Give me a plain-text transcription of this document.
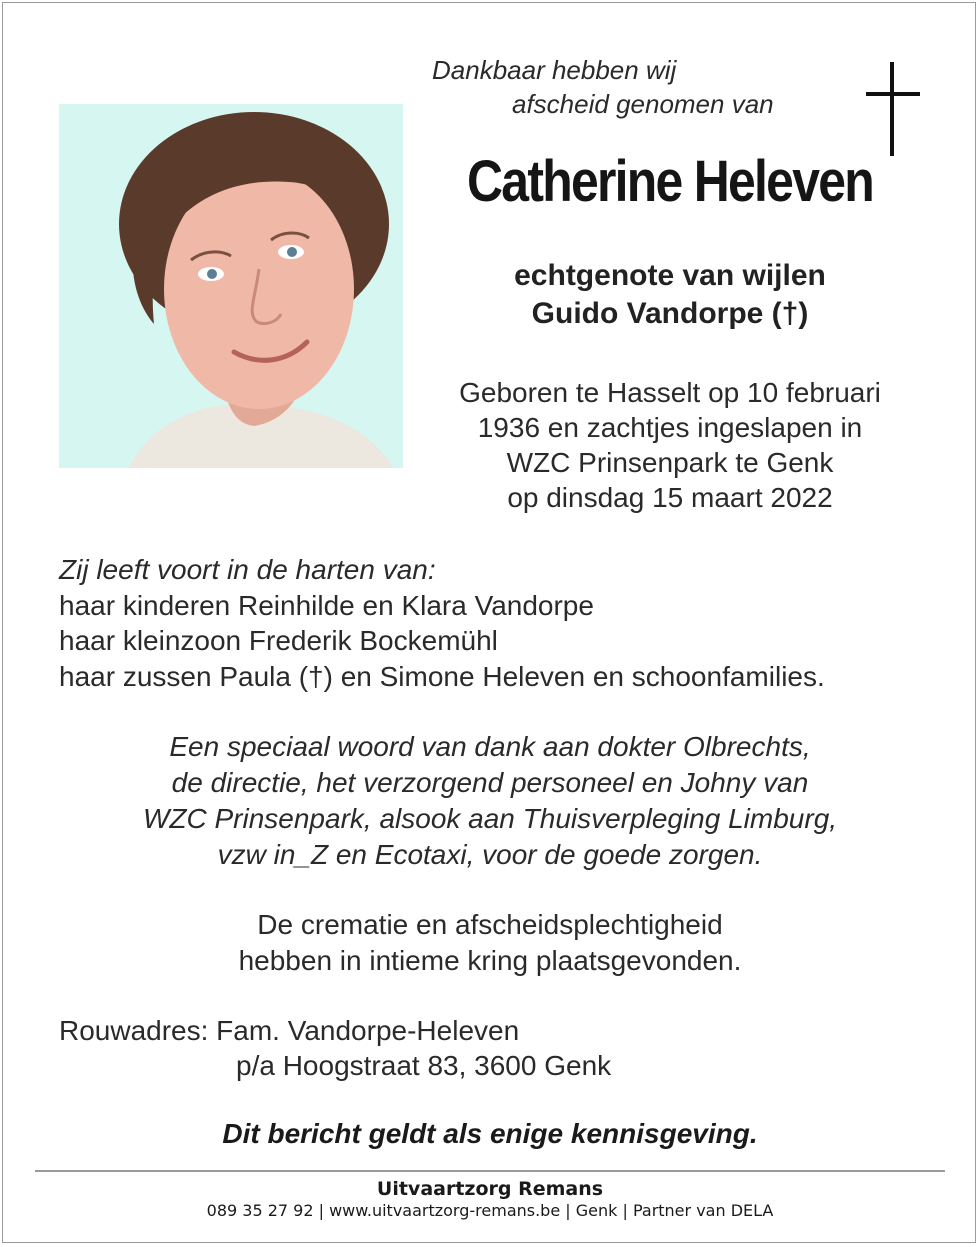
Dankbaar hebben wij
afscheid genomen van
Catherine Heleven
echtgenote van wijlen
Guido Vandorpe (†)
Geboren te Hasselt op 10 februari
1936 en zachtjes ingeslapen in
WZC Prinsenpark te Genk
op dinsdag 15 maart 2022
Zij leeft voort in de harten van:
haar kinderen Reinhilde en Klara Vandorpe
haar kleinzoon Frederik Bockemühl
haar zussen Paula (†) en Simone Heleven en schoonfamilies.
Een speciaal woord van dank aan dokter Olbrechts,
de directie, het verzorgend personeel en Johny van
WZC Prinsenpark, alsook aan Thuisverpleging Limburg,
vzw in_Z en Ecotaxi, voor de goede zorgen.
De crematie en afscheidsplechtigheid
hebben in intieme kring plaatsgevonden.
Rouwadres: Fam. Vandorpe-Heleven
p/a Hoogstraat 83, 3600 Genk
Dit bericht geldt als enige kennisgeving.
Uitvaartzorg Remans
089 35 27 92 | www.uitvaartzorg-remans.be | Genk | Partner van DELA
